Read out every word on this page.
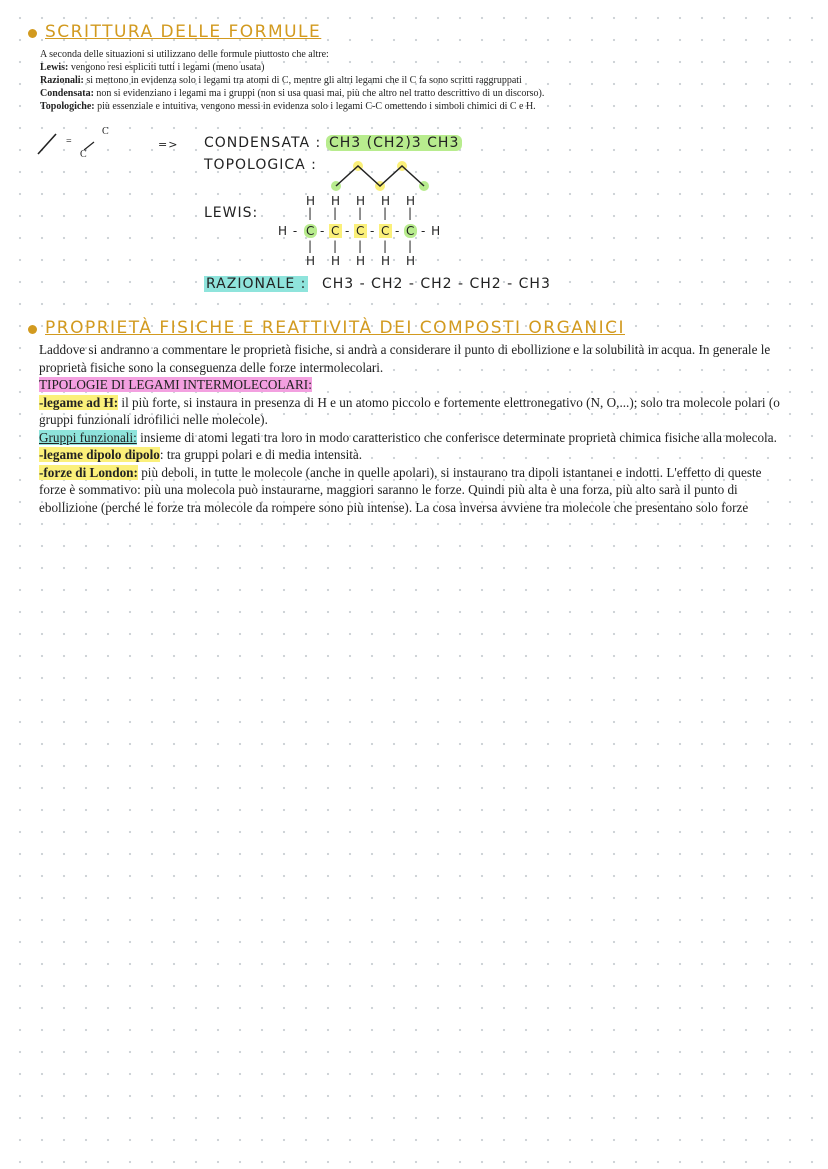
SCRITTURA DELLE FORMULE
A seconda delle situazioni si utilizzano delle formule piuttosto che altre:
Lewis: vengono resi espliciti tutti i legami (meno usata)
Razionali: si mettono in evidenza solo i legami tra atomi di C, mentre gli altri legami che il C fa sono scritti raggruppati
Condensata: non si evidenziano i legami ma i gruppi (non si usa quasi mai, più che altro nel tratto descrittivo di un discorso).
Topologiche: più essenziale e intuitiva, vengono messi in evidenza solo i legami C-C omettendo i simboli chimici di C e H.
=
C
C
=> CONDENSATA : CH3 (CH2)3 CH3
TOPOLOGICA :
LEWIS:
H H H H H
| | | | |
H - C - C - C - C - C - H
| | | | |
H H H H H
RAZIONALE : CH3 - CH2 - CH2 - CH2 - CH3
PROPRIETÀ FISICHE E REATTIVITÀ DEI COMPOSTI ORGANICI
Laddove si andranno a commentare le proprietà fisiche, si andrà a considerare il punto di ebollizione e la solubilità in acqua. In generale le proprietà fisiche sono la conseguenza delle forze intermolecolari.
TIPOLOGIE DI LEGAMI INTERMOLECOLARI:
-legame ad H: il più forte, si instaura in presenza di H e un atomo piccolo e fortemente elettronegativo (N, O,...); solo tra molecole polari (o gruppi funzionali idrofilici nelle molecole).
Gruppi funzionali: insieme di atomi legati tra loro in modo caratteristico che conferisce determinate proprietà chimica fisiche alla molecola.
-legame dipolo dipolo: tra gruppi polari e di media intensità.
-forze di London: più deboli, in tutte le molecole (anche in quelle apolari), si instaurano tra dipoli istantanei e indotti. L'effetto di queste forze è sommativo: più una molecola può instaurarne, maggiori saranno le forze. Quindi più alta è una forza, più alto sarà il punto di ebollizione (perché le forze tra molecole da rompere sono più intense). La cosa inversa avviene tra molecole che presentano solo forze
